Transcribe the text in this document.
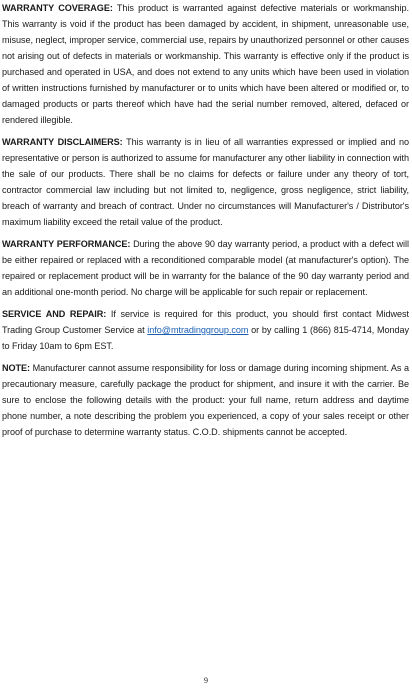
WARRANTY COVERAGE: This product is warranted against defective materials or workmanship. This warranty is void if the product has been damaged by accident, in shipment, unreasonable use, misuse, neglect, improper service, commercial use, repairs by unauthorized personnel or other causes not arising out of defects in materials or workmanship. This warranty is effective only if the product is purchased and operated in USA, and does not extend to any units which have been used in violation of written instructions furnished by manufacturer or to units which have been altered or modified or, to damaged products or parts thereof which have had the serial number removed, altered, defaced or rendered illegible.

WARRANTY DISCLAIMERS: This warranty is in lieu of all warranties expressed or implied and no representative or person is authorized to assume for manufacturer any other liability in connection with the sale of our products. There shall be no claims for defects or failure under any theory of tort, contractor commercial law including but not limited to, negligence, gross negligence, strict liability, breach of warranty and breach of contract. Under no circumstances will Manufacturer's / Distributor's maximum liability exceed the retail value of the product.

WARRANTY PERFORMANCE: During the above 90 day warranty period, a product with a defect will be either repaired or replaced with a reconditioned comparable model (at manufacturer's option). The repaired or replacement product will be in warranty for the balance of the 90 day warranty period and an additional one-month period. No charge will be applicable for such repair or replacement.

SERVICE AND REPAIR: If service is required for this product, you should first contact Midwest Trading Group Customer Service at info@mtradinggroup.com or by calling 1 (866) 815-4714, Monday to Friday 10am to 6pm EST.

NOTE: Manufacturer cannot assume responsibility for loss or damage during incoming shipment. As a precautionary measure, carefully package the product for shipment, and insure it with the carrier. Be sure to enclose the following details with the product: your full name, return address and daytime phone number, a note describing the problem you experienced, a copy of your sales receipt or other proof of purchase to determine warranty status. C.O.D. shipments cannot be accepted.

9
